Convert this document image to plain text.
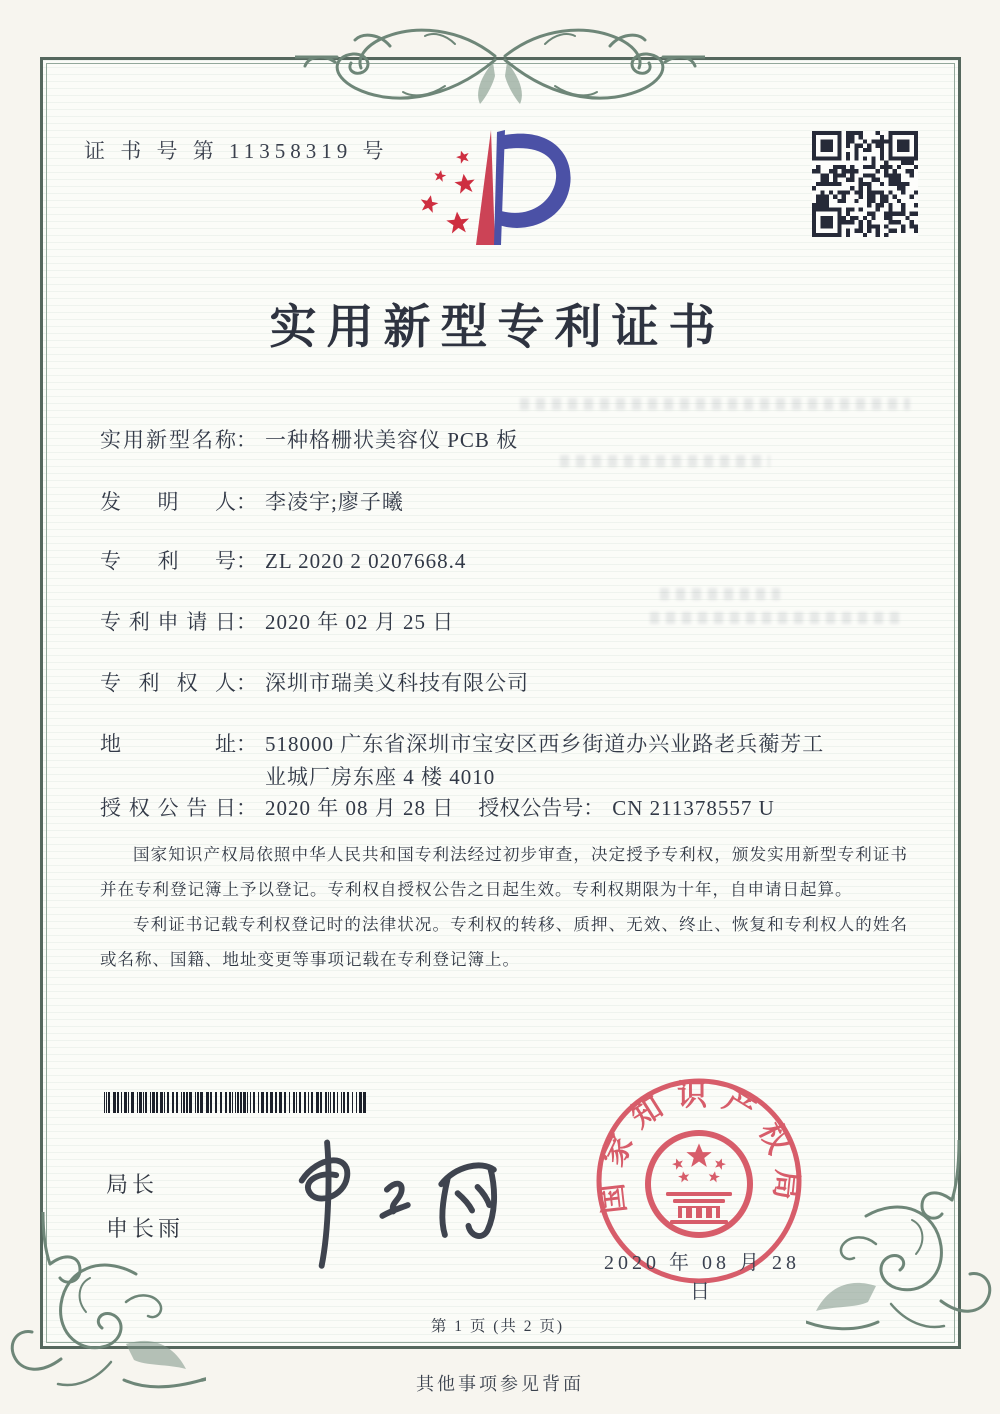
证 书 号 第 11358319 号
实用新型专利证书
实用新型名称 ： 一种格栅状美容仪 PCB 板
发明人 ： 李凌宇;廖子曦
专利号 ： ZL 2020 2 0207668.4
专利申请日 ： 2020 年 02 月 25 日
专利权人 ： 深圳市瑞美义科技有限公司
地址 ： 518000 广东省深圳市宝安区西乡街道办兴业路老兵蘅芳工业城厂房东座 4 楼 4010
授权公告日 ： 2020 年 08 月 28 日 授权公告号 ： CN 211378557 U

国家知识产权局依照中华人民共和国专利法经过初步审查，决定授予专利权，颁发实用新型专利证书并在专利登记簿上予以登记。专利权自授权公告之日起生效。专利权期限为十年，自申请日起算。

专利证书记载专利权登记时的法律状况。专利权的转移、质押、无效、终止、恢复和专利权人的姓名或名称、国籍、地址变更等事项记载在专利登记簿上。

局长
申长雨
国家知识产权局
2020 年 08 月 28 日
第 1 页 (共 2 页)
其他事项参见背面
